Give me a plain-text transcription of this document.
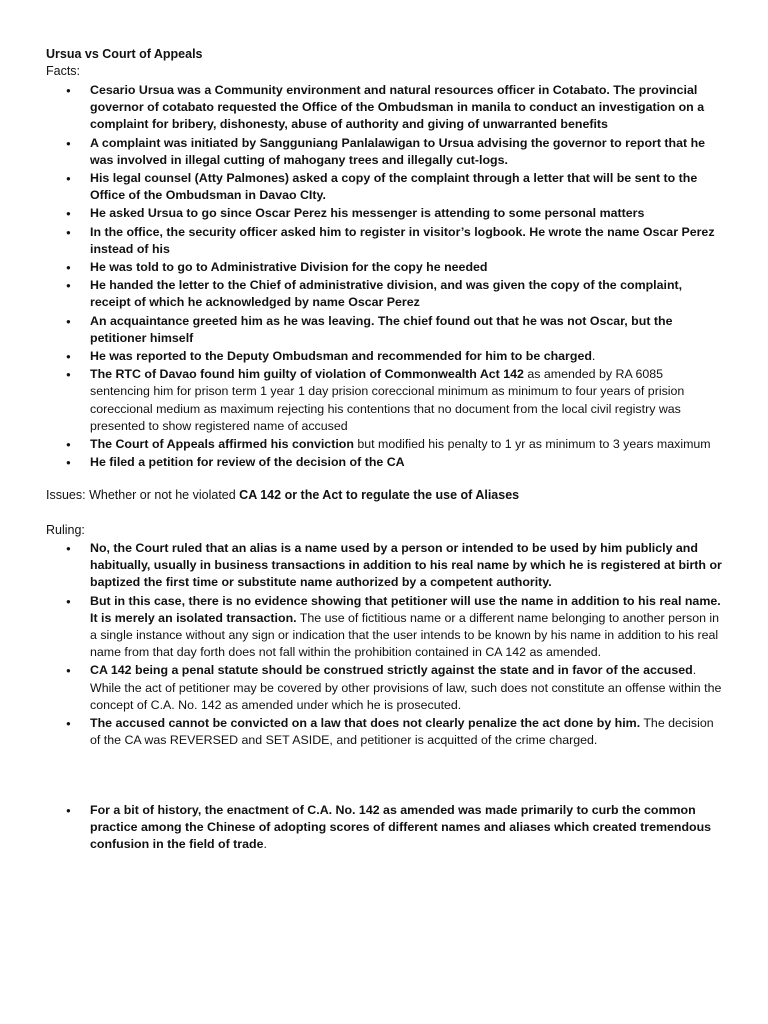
Ursua vs Court of Appeals
Facts:
● Cesario Ursua was a Community environment and natural resources officer in Cotabato. The provincial governor of cotabato requested the Office of the Ombudsman in manila to conduct an investigation on a complaint for bribery, dishonesty, abuse of authority and giving of unwarranted benefits
● A complaint was initiated by Sangguniang Panlalawigan to Ursua advising the governor to report that he was involved in illegal cutting of mahogany trees and illegally cut-logs.
● His legal counsel (Atty Palmones) asked a copy of the complaint through a letter that will be sent to the Office of the Ombudsman in Davao CIty.
● He asked Ursua to go since Oscar Perez his messenger is attending to some personal matters
● In the office, the security officer asked him to register in visitor’s logbook. He wrote the name Oscar Perez instead of his
● He was told to go to Administrative Division for the copy he needed
● He handed the letter to the Chief of administrative division, and was given the copy of the complaint, receipt of which he acknowledged by name Oscar Perez
● An acquaintance greeted him as he was leaving. The chief found out that he was not Oscar, but the petitioner himself
● He was reported to the Deputy Ombudsman and recommended for him to be charged.
● The RTC of Davao found him guilty of violation of Commonwealth Act 142 as amended by RA 6085 sentencing him for prison term 1 year 1 day prision coreccional minimum as minimum to four years of prision coreccional medium as maximum rejecting his contentions that no document from the local civil registry was presented to show registered name of accused
● The Court of Appeals affirmed his conviction but modified his penalty to 1 yr as minimum to 3 years maximum
● He filed a petition for review of the decision of the CA
Issues: Whether or not he violated CA 142 or the Act to regulate the use of Aliases
Ruling:
● No, the Court ruled that an alias is a name used by a person or intended to be used by him publicly and habitually, usually in business transactions in addition to his real name by which he is registered at birth or baptized the first time or substitute name authorized by a competent authority.
● But in this case, there is no evidence showing that petitioner will use the name in addition to his real name. It is merely an isolated transaction. The use of fictitious name or a different name belonging to another person in a single instance without any sign or indication that the user intends to be known by his name in addition to his real name from that day forth does not fall within the prohibition contained in CA 142 as amended.
● CA 142 being a penal statute should be construed strictly against the state and in favor of the accused. While the act of petitioner may be covered by other provisions of law, such does not constitute an offense within the concept of C.A. No. 142 as amended under which he is prosecuted.
● The accused cannot be convicted on a law that does not clearly penalize the act done by him. The decision of the CA was REVERSED and SET ASIDE, and petitioner is acquitted of the crime charged.
● For a bit of history, the enactment of C.A. No. 142 as amended was made primarily to curb the common practice among the Chinese of adopting scores of different names and aliases which created tremendous confusion in the field of trade.
